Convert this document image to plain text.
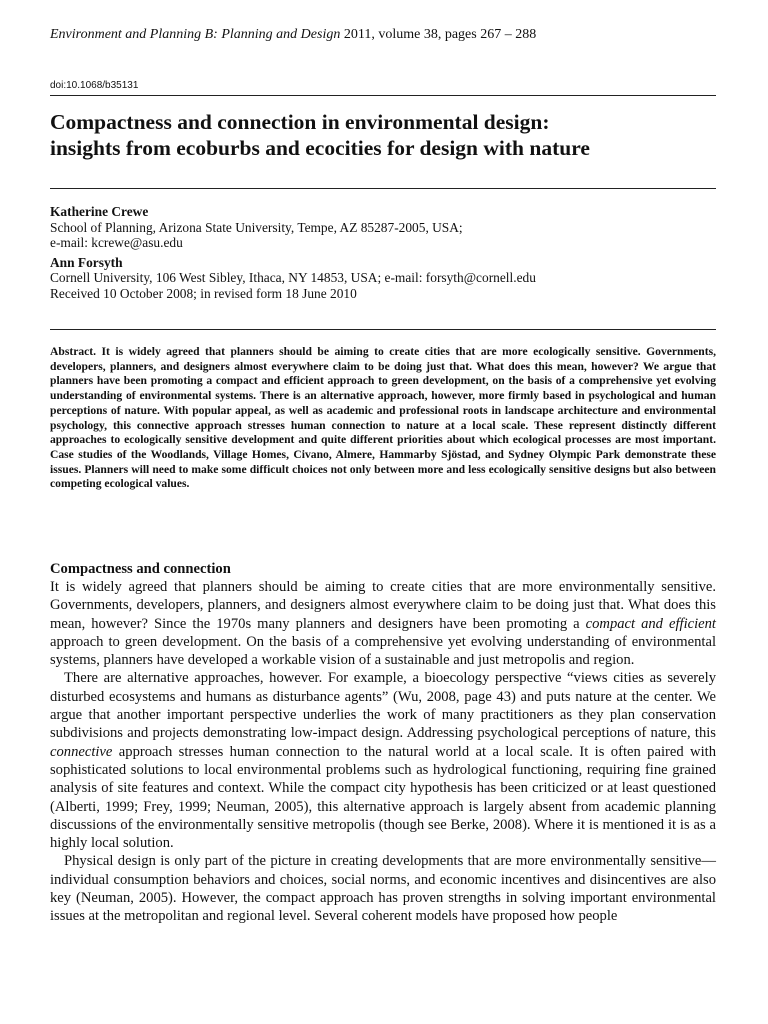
Environment and Planning B: Planning and Design 2011, volume 38, pages 267 – 288
doi:10.1068/b35131
Compactness and connection in environmental design:
insights from ecoburbs and ecocities for design with nature
Katherine Crewe
School of Planning, Arizona State University, Tempe, AZ 85287-2005, USA;
e-mail: kcrewe@asu.edu
Ann Forsyth
Cornell University, 106 West Sibley, Ithaca, NY 14853, USA; e-mail: forsyth@cornell.edu
Received 10 October 2008; in revised form 18 June 2010

Abstract. It is widely agreed that planners should be aiming to create cities that are more ecologically sensitive. Governments, developers, planners, and designers almost everywhere claim to be doing just that. What does this mean, however? We argue that planners have been promoting a compact and efficient approach to green development, on the basis of a comprehensive yet evolving understanding of environmental systems. There is an alternative approach, however, more firmly based in psychological and human perceptions of nature. With popular appeal, as well as academic and professional roots in landscape architecture and environmental psychology, this connective approach stresses human connection to nature at a local scale. These represent distinctly different approaches to ecologically sensitive development and quite different priorities about which ecological processes are most important. Case studies of the Woodlands, Village Homes, Civano, Almere, Hammarby Sjöstad, and Sydney Olympic Park demonstrate these issues. Planners will need to make some difficult choices not only between more and less ecologically sensitive designs but also between competing ecological values.

Compactness and connection

It is widely agreed that planners should be aiming to create cities that are more environmentally sensitive. Governments, developers, planners, and designers almost everywhere claim to be doing just that. What does this mean, however? Since the 1970s many planners and designers have been promoting a compact and efficient approach to green development. On the basis of a comprehensive yet evolving understanding of environmental systems, planners have developed a workable vision of a sustainable and just metropolis and region.

There are alternative approaches, however. For example, a bioecology perspective “views cities as severely disturbed ecosystems and humans as disturbance agents” (Wu, 2008, page 43) and puts nature at the center. We argue that another important perspective underlies the work of many practitioners as they plan conservation subdivisions and projects demonstrating low-impact design. Addressing psychological perceptions of nature, this connective approach stresses human connection to the natural world at a local scale. It is often paired with sophisticated solutions to local environmental problems such as hydrological functioning, requiring fine grained analysis of site features and context. While the compact city hypothesis has been criticized or at least questioned (Alberti, 1999; Frey, 1999; Neuman, 2005), this alternative approach is largely absent from academic planning discussions of the environmentally sensitive metropolis (though see Berke, 2008). Where it is mentioned it is as a highly local solution.

Physical design is only part of the picture in creating developments that are more environmentally sensitive—individual consumption behaviors and choices, social norms, and economic incentives and disincentives are also key (Neuman, 2005). However, the compact approach has proven strengths in solving important environmental issues at the metropolitan and regional level. Several coherent models have proposed how people
